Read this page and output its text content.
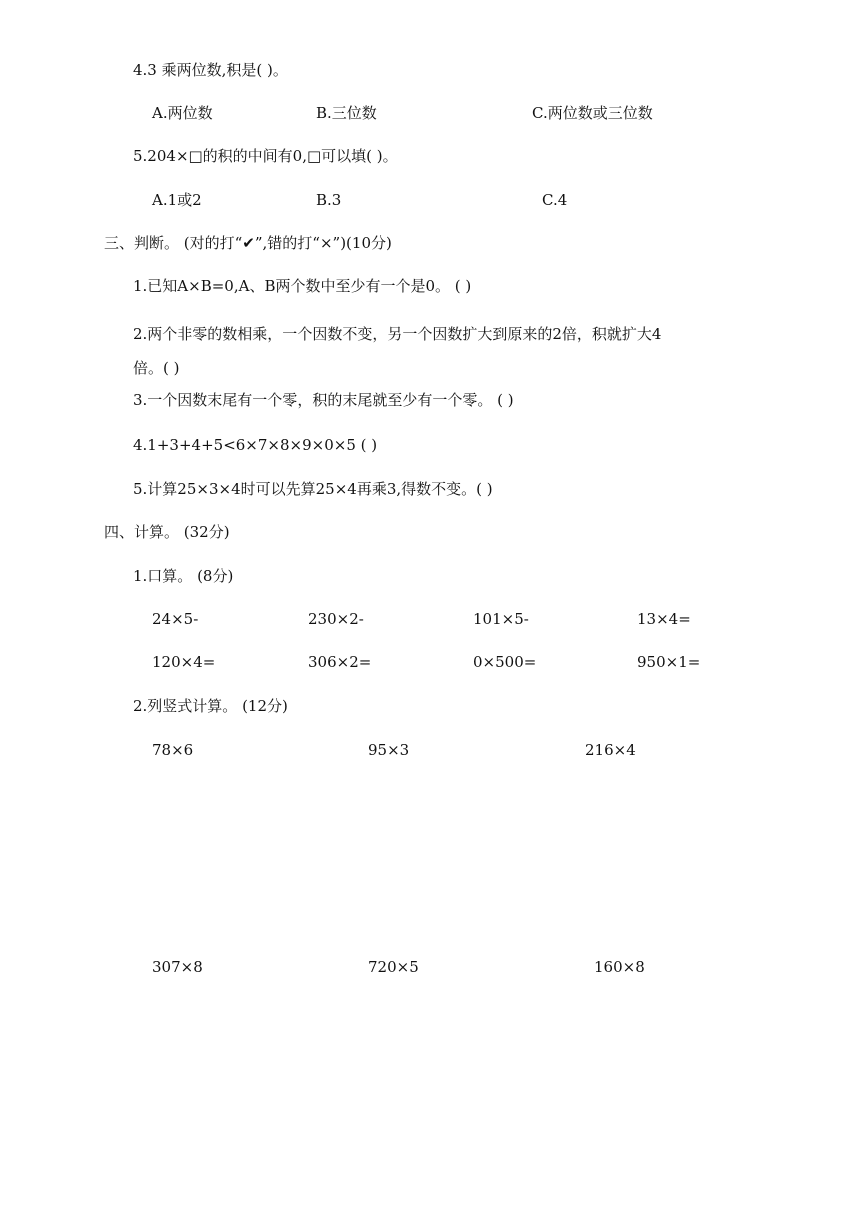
4.3 乘两位数,积是( )。
A.两位数	B.三位数	C.两位数或三位数
5.204×□的积的中间有0,□可以填( )。
A.1或2	B.3	C.4
三、判断。 (对的打“✔”,错的打“×”)(10分)
1.已知A×B=0,A、B两个数中至少有一个是0。 ( )
2.两个非零的数相乘，一个因数不变，另一个因数扩大到原来的2倍，积就扩大4
倍。( )
3.一个因数末尾有一个零，积的末尾就至少有一个零。 ( )
4.1+3+4+5<6×7×8×9×0×5 ( )
5.计算25×3×4时可以先算25×4再乘3,得数不变。( )
四、计算。 (32分)
1.口算。 (8分)
24×5-	230×2-	101×5-	13×4=
120×4=	306×2=	0×500=	950×1=
2.列竖式计算。 (12分)
78×6	95×3	216×4
307×8	720×5	160×8
